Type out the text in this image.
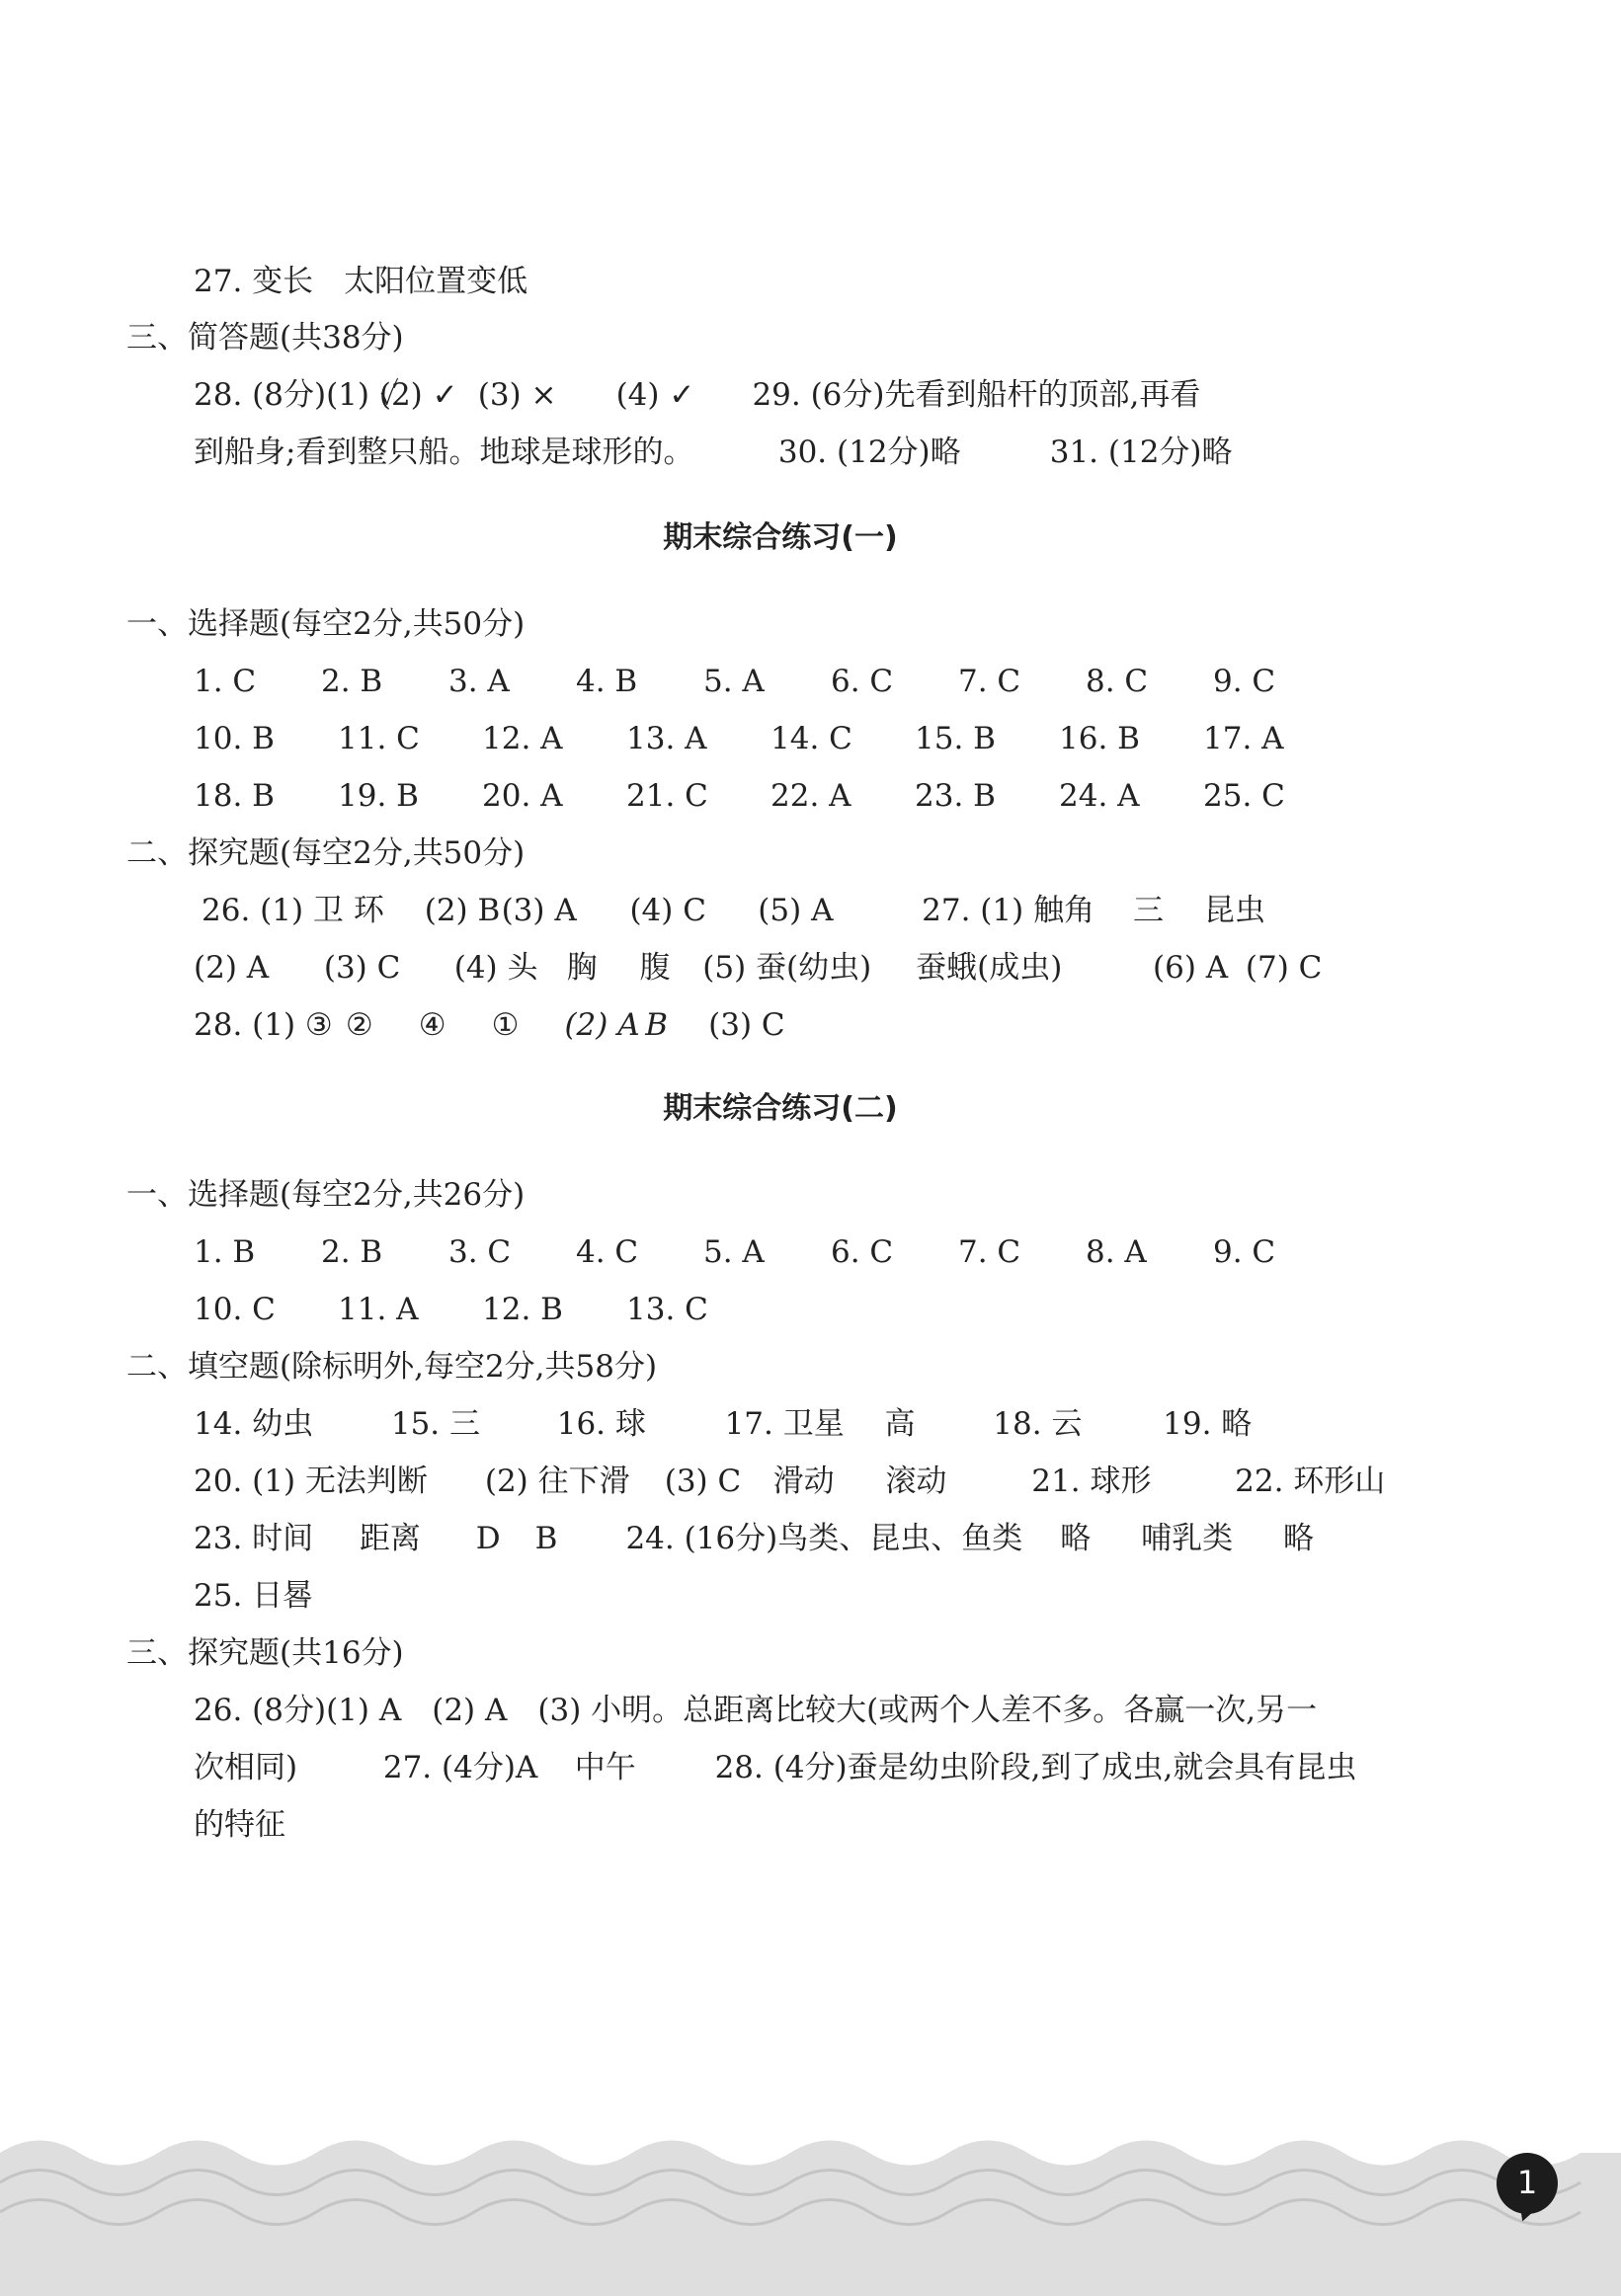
27. 变长　太阳位置变低
三、简答题(共38分)
28. (8分)(1) ✓ (2) ✓ (3) × (4) ✓ 29. (6分)先看到船杆的顶部,再看
到船身;看到整只船。地球是球形的。	30. (12分)略	31. (12分)略
期末综合练习(一)
一、选择题(每空2分,共50分)
1. C 2. B 3. A 4. B 5. A 6. C 7. C 8. C 9. C
10. B 11. C 12. A 13. A 14. C 15. B 16. B 17. A
18. B 19. B 20. A 21. C 22. A 23. B 24. A 25. C
二、探究题(每空2分,共50分)
26. (1) 卫 环 (2) B (3) A (4) C (5) A	27. (1) 触角 三 昆虫
(2) A (3) C (4) 头 胸 腹 (5) 蚕(幼虫) 蚕蛾(成虫)	(6) A (7) C
28. (1) ③ ② ④ ① (2) A B (3) C
期末综合练习(二)
一、选择题(每空2分,共26分)
1. B 2. B 3. C 4. C 5. A 6. C 7. C 8. A 9. C
10. C 11. A 12. B 13. C
二、填空题(除标明外,每空2分,共58分)
14. 幼虫	15. 三	16. 球	17. 卫星 高	18. 云	19. 略
20. (1) 无法判断 (2) 往下滑 (3) C 滑动 滚动	21. 球形	22. 环形山
23. 时间 距离 D B 24. (16分)鸟类、昆虫、鱼类 略 哺乳类 略
25. 日晷
三、探究题(共16分)
26. (8分)(1) A　(2) A　(3) 小明。总距离比较大(或两个人差不多。各赢一次,另一
次相同)	27. (4分)A 中午	28. (4分)蚕是幼虫阶段,到了成虫,就会具有昆虫
的特征
1
